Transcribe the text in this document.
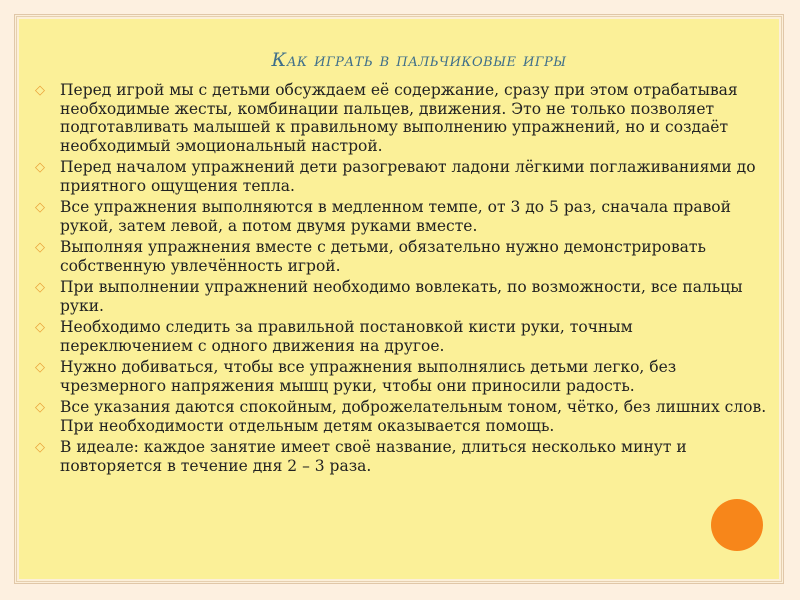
Как играть в пальчиковые игры
◇ Перед игрой мы с детьми обсуждаем её содержание, сразу при этом отрабатывая необходимые жесты, комбинации пальцев, движения. Это не только позволяет подготавливать малышей к правильному выполнению упражнений, но и создаёт необходимый эмоциональный настрой.
◇ Перед началом упражнений дети разогревают ладони лёгкими поглаживаниями до приятного ощущения тепла.
◇ Все упражнения выполняются в медленном темпе, от 3 до 5 раз, сначала правой рукой, затем левой, а потом двумя руками вместе.
◇ Выполняя упражнения вместе с детьми, обязательно нужно демонстрировать собственную увлечённость игрой.
◇ При выполнении упражнений необходимо вовлекать, по возможности, все пальцы руки.
◇ Необходимо следить за правильной постановкой кисти руки, точным переключением с одного движения на другое.
◇ Нужно добиваться, чтобы все упражнения выполнялись детьми легко, без чрезмерного напряжения мышц руки, чтобы они приносили радость.
◇ Все указания даются спокойным, доброжелательным тоном, чётко, без лишних слов. При необходимости отдельным детям оказывается помощь.
◇ В идеале: каждое занятие имеет своё название, длиться несколько минут и повторяется в течение дня 2 – 3 раза.
